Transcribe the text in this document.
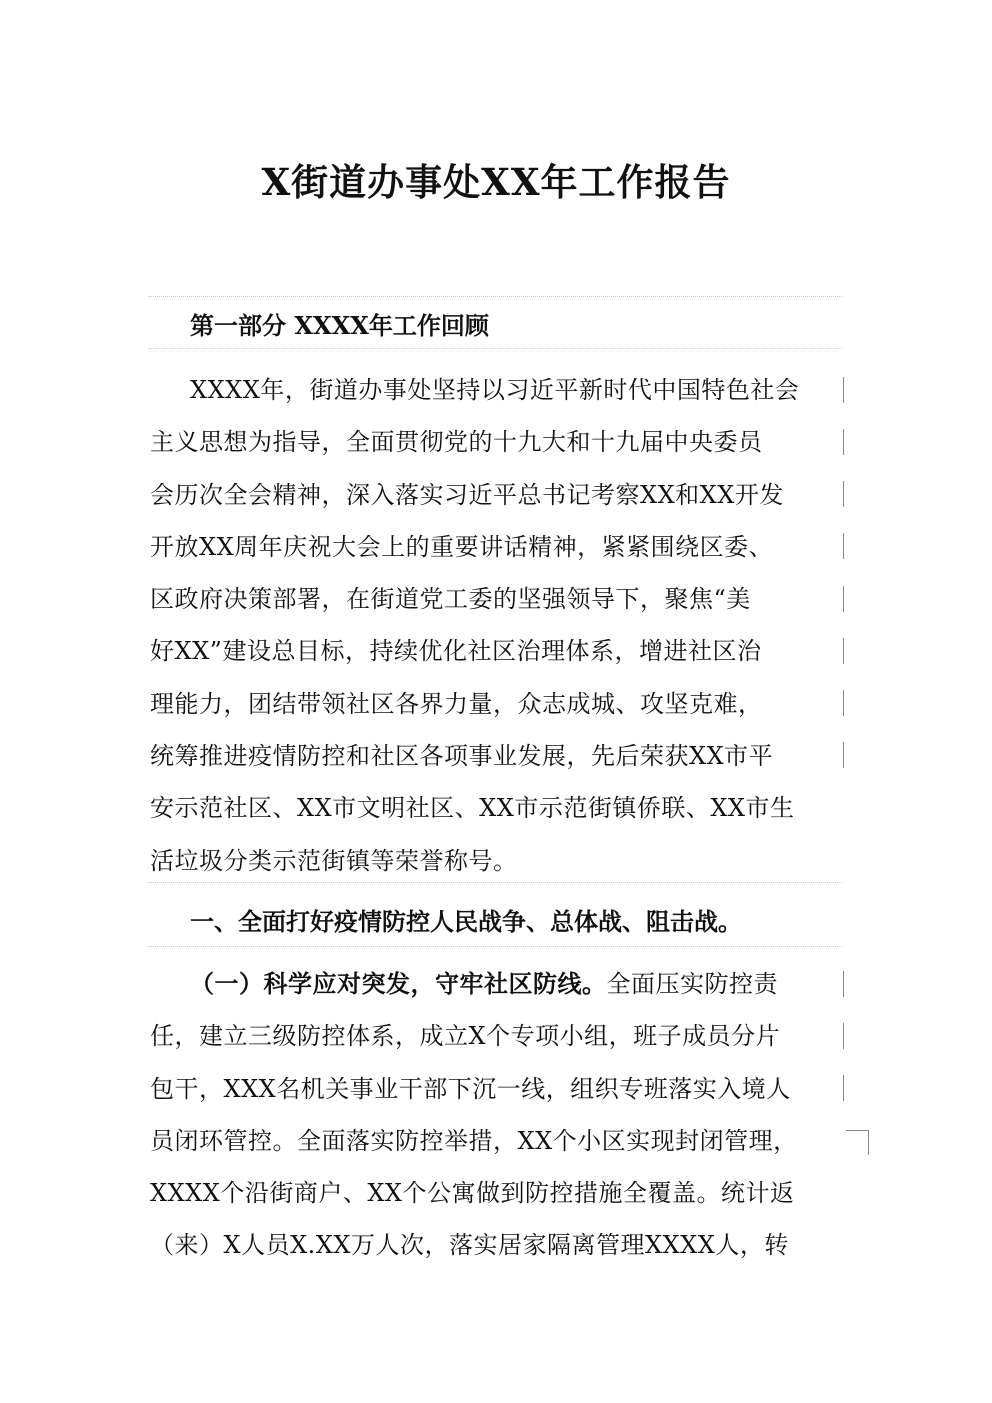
X街道办事处XX年工作报告
第一部分 XXXX年工作回顾
XXXX年，街道办事处坚持以习近平新时代中国特色社会
主义思想为指导，全面贯彻党的十九大和十九届中央委员
会历次全会精神，深入落实习近平总书记考察XX和XX开发
开放XX周年庆祝大会上的重要讲话精神，紧紧围绕区委、
区政府决策部署，在街道党工委的坚强领导下，聚焦“美
好XX”建设总目标，持续优化社区治理体系，增进社区治
理能力，团结带领社区各界力量，众志成城、攻坚克难，
统筹推进疫情防控和社区各项事业发展，先后荣获XX市平
安示范社区、XX市文明社区、XX市示范街镇侨联、XX市生
活垃圾分类示范街镇等荣誉称号。
一、全面打好疫情防控人民战争、总体战、阻击战。
（一）科学应对突发，守牢社区防线。全面压实防控责
任，建立三级防控体系，成立X个专项小组，班子成员分片
包干，XXX名机关事业干部下沉一线，组织专班落实入境人
员闭环管控。全面落实防控举措，XX个小区实现封闭管理，
XXXX个沿街商户、XX个公寓做到防控措施全覆盖。统计返
（来）X人员X.XX万人次，落实居家隔离管理XXXX人，转
